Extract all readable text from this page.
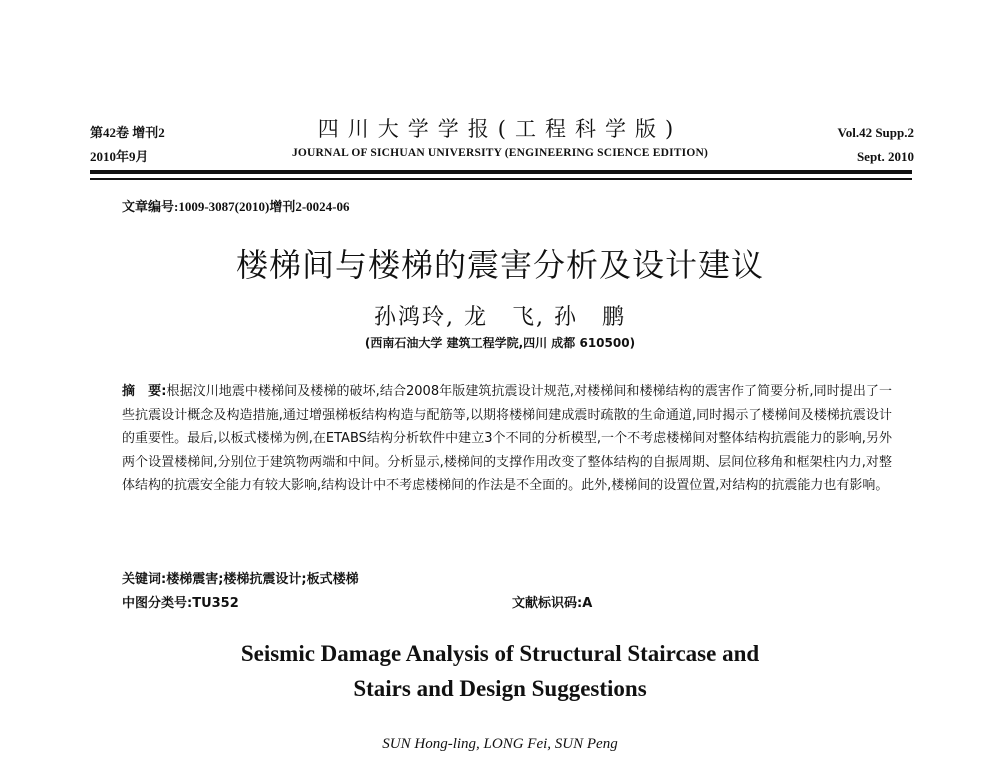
第42卷 增刊2
2010年9月
四川大学学报(工程科学版)
JOURNAL OF SICHUAN UNIVERSITY (ENGINEERING SCIENCE EDITION)
Vol.42 Supp.2
Sept. 2010
文章编号:1009-3087(2010)增刊2-0024-06
楼梯间与楼梯的震害分析及设计建议
孙鸿玲, 龙　飞, 孙　鹏
(西南石油大学 建筑工程学院,四川 成都 610500)
摘　要:根据汶川地震中楼梯间及楼梯的破坏,结合2008年版建筑抗震设计规范,对楼梯间和楼梯结构的震害作了简要分析,同时提出了一些抗震设计概念及构造措施,通过增强梯板结构构造与配筋等,以期将楼梯间建成震时疏散的生命通道,同时揭示了楼梯间及楼梯抗震设计的重要性。最后,以板式楼梯为例,在ETABS结构分析软件中建立3个不同的分析模型,一个不考虑楼梯间对整体结构抗震能力的影响,另外两个设置楼梯间,分别位于建筑物两端和中间。分析显示,楼梯间的支撑作用改变了整体结构的自振周期、层间位移角和框架柱内力,对整体结构的抗震安全能力有较大影响,结构设计中不考虑楼梯间的作法是不全面的。此外,楼梯间的设置位置,对结构的抗震能力也有影响。
关键词:楼梯震害;楼梯抗震设计;板式楼梯
中图分类号:TU352	文献标识码:A
Seismic Damage Analysis of Structural Staircase and
Stairs and Design Suggestions
SUN Hong-ling, LONG Fei, SUN Peng
